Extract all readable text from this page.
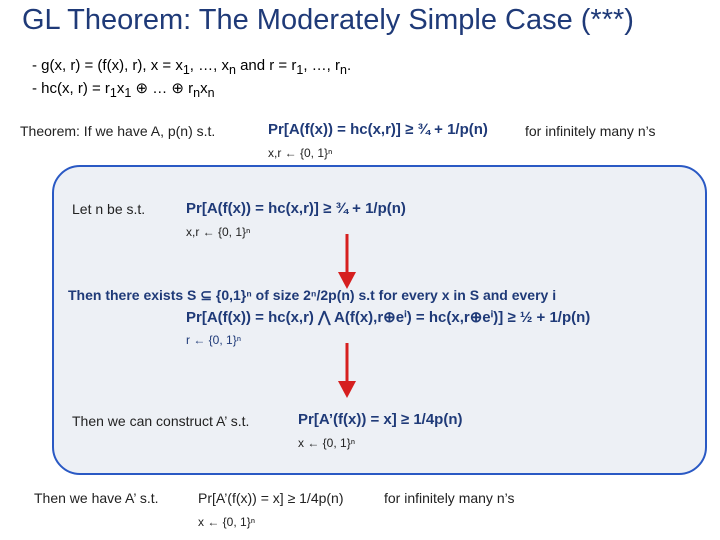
GL Theorem: The Moderately Simple Case (***)
- g(x, r) = (f(x), r), $x = x_1$, …, $x_n$ and $r = r_1$, …, $r_n$.
- hc(x, $r) = r_1x_1$ ⊕ … ⊕ $r_nx_n$
Theorem: If we have A, p(n) s.t.	Pr[A(f(x)) = hc(x,r)] ≥ ¾ + 1/p(n)
x,r ← {0, 1}ⁿ
for infinitely many n’s
Let n be s.t.	Pr[A(f(x)) = hc(x,r)] ≥ ¾ + 1/p(n)
x,r ← {0, 1}ⁿ
Then there exists S ⊆ {0,1}ⁿ of size 2ⁿ/2p(n) s.t for every x in S and every i
Pr[A(f(x)) = hc(x,r) ⋀ A(f(x),r⊕eⁱ) = hc(x,r⊕eⁱ)] ≥ ½ + 1/p(n)
r ← {0, 1}ⁿ
Then we can construct A’ s.t.	Pr[A’(f(x)) = x] ≥ 1/4p(n)
x ← {0, 1}ⁿ
Then we have A’ s.t.	Pr[A’(f(x)) = x] ≥ 1/4p(n)
x ← {0, 1}ⁿ
for infinitely many n’s
